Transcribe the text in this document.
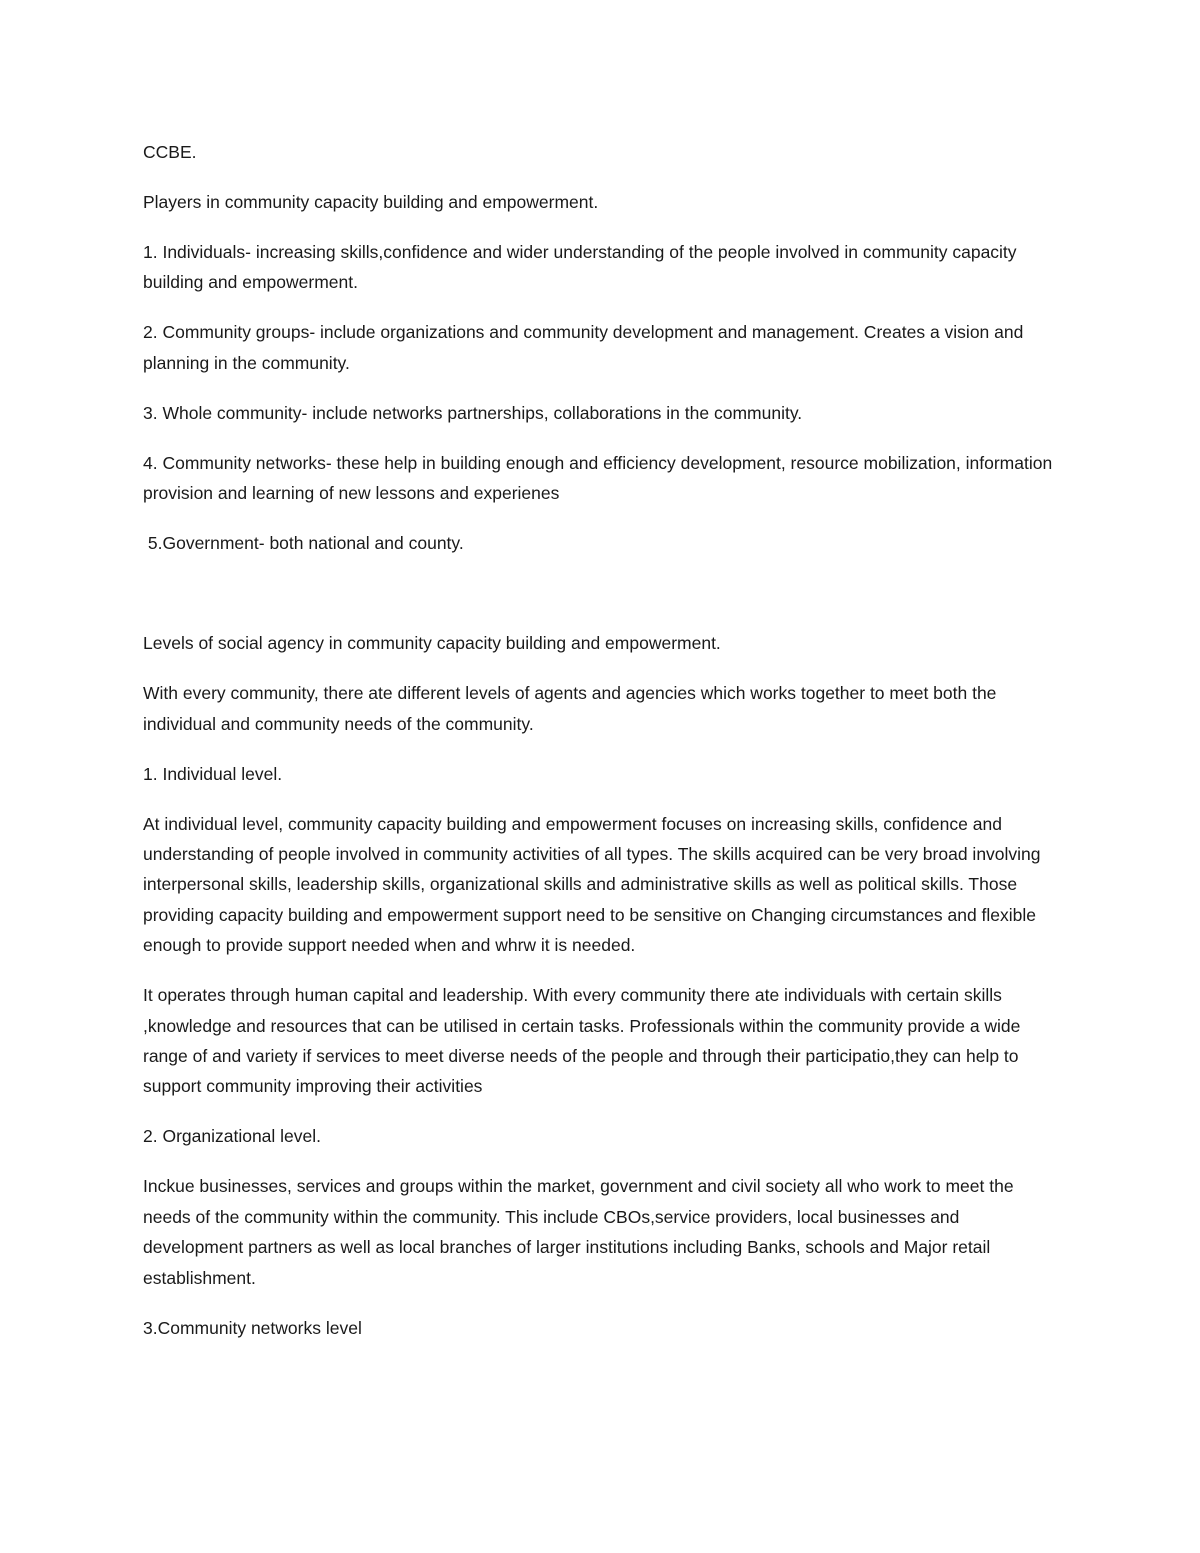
CCBE.

Players in community capacity building and empowerment.

1. Individuals- increasing skills,confidence and wider understanding of the people involved in community capacity building and empowerment.

2. Community groups- include organizations and community development and management. Creates a vision and planning in the community.

3. Whole community- include networks partnerships, collaborations in the community.

4. Community networks- these help in building enough and efficiency development, resource mobilization, information provision and learning of new lessons and experienes

5.Government- both national and county.

Levels of social agency in community capacity building and empowerment.

With every community, there ate different levels of agents and agencies which works together to meet both the individual and community needs of the community.

1. Individual level.

At individual level, community capacity building and empowerment focuses on increasing skills, confidence and understanding of people involved in community activities of all types. The skills acquired can be very broad involving interpersonal skills, leadership skills, organizational skills and administrative skills as well as political skills. Those providing capacity building and empowerment support need to be sensitive on Changing circumstances and flexible enough to provide support needed when and whrw it is needed.

It operates through human capital and leadership. With every community there ate individuals with certain skills ,knowledge and resources that can be utilised in certain tasks. Professionals within the community provide a wide range of and variety if services to meet diverse needs of the people and through their participatio,they can help to support community improving their activities

2. Organizational level.

Inckue businesses, services and groups within the market, government and civil society all who work to meet the needs of the community within the community. This include CBOs,service providers, local businesses and development partners as well as local branches of larger institutions including Banks, schools and Major retail establishment.

3.Community networks level
